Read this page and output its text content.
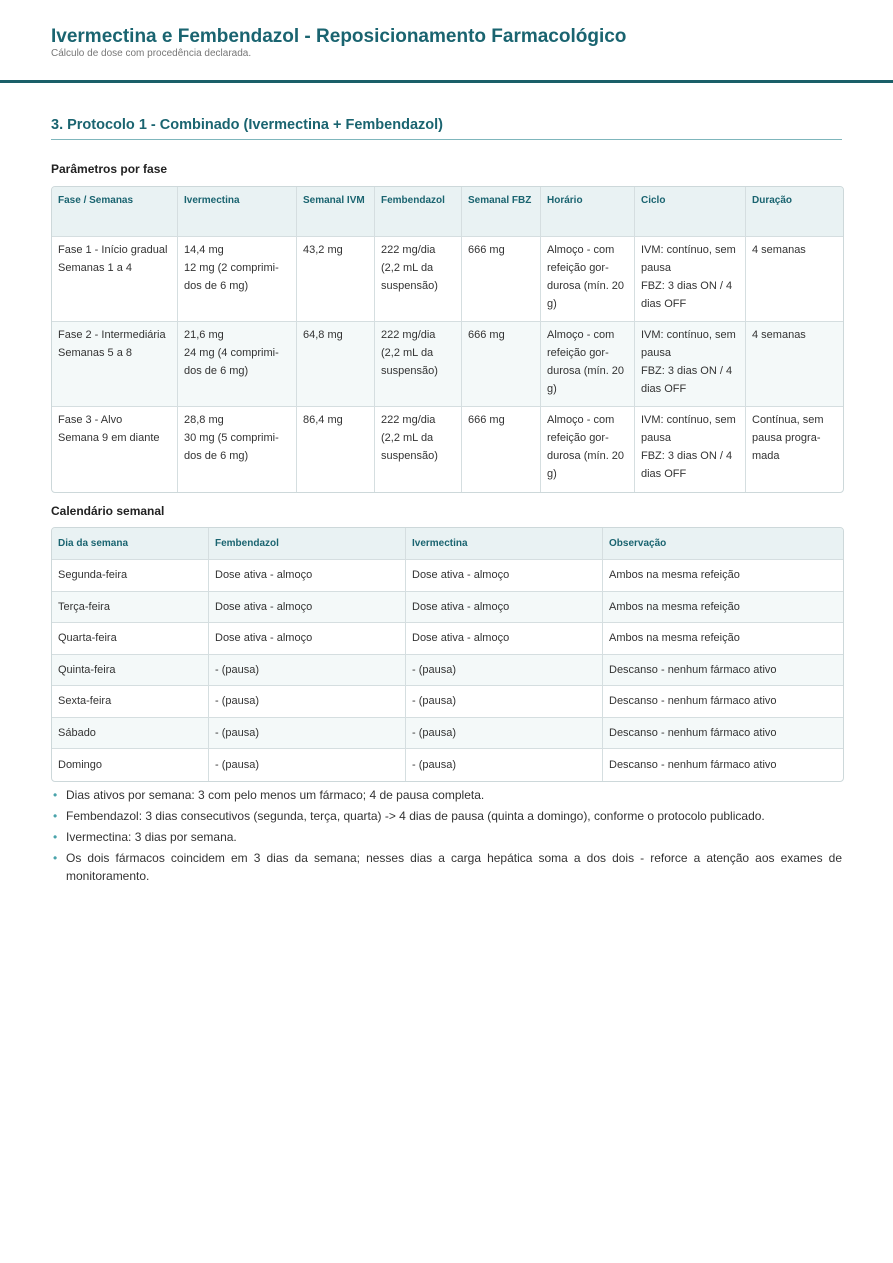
Ivermectina e Fembendazol - Reposicionamento Farmacológico
Cálculo de dose com procedência declarada.
3. Protocolo 1 - Combinado (Ivermectina + Fembendazol)
Parâmetros por fase
Fase / Semanas	Ivermectina	Semanal IVM	Fembendazol	Semanal FBZ	Horário	Ciclo	Duração

Fase 1 - Início gradual
Semanas 1 a 4	14,4 mg
12 mg (2 comprimi-
dos de 6 mg)	43,2 mg	222 mg/dia
(2,2 mL da
suspensão)	666 mg	Almoço - com
refeição gor-
durosa (mín. 20
g)	IVM: contínuo, sem
pausa
FBZ: 3 dias ON / 4
dias OFF	4 semanas

Fase 2 - Intermediária
Semanas 5 a 8	21,6 mg
24 mg (4 comprimi-
dos de 6 mg)	64,8 mg	222 mg/dia
(2,2 mL da
suspensão)	666 mg	Almoço - com
refeição gor-
durosa (mín. 20
g)	IVM: contínuo, sem
pausa
FBZ: 3 dias ON / 4
dias OFF	4 semanas

Fase 3 - Alvo
Semana 9 em diante	28,8 mg
30 mg (5 comprimi-
dos de 6 mg)	86,4 mg	222 mg/dia
(2,2 mL da
suspensão)	666 mg	Almoço - com
refeição gor-
durosa (mín. 20
g)	IVM: contínuo, sem
pausa
FBZ: 3 dias ON / 4
dias OFF	Contínua, sem
pausa progra-
mada
Calendário semanal
Dia da semana	Fembendazol	Ivermectina	Observação
Segunda-feira	Dose ativa - almoço	Dose ativa - almoço	Ambos na mesma refeição
Terça-feira	Dose ativa - almoço	Dose ativa - almoço	Ambos na mesma refeição
Quarta-feira	Dose ativa - almoço	Dose ativa - almoço	Ambos na mesma refeição
Quinta-feira	- (pausa)	- (pausa)	Descanso - nenhum fármaco ativo
Sexta-feira	- (pausa)	- (pausa)	Descanso - nenhum fármaco ativo
Sábado	- (pausa)	- (pausa)	Descanso - nenhum fármaco ativo
Domingo	- (pausa)	- (pausa)	Descanso - nenhum fármaco ativo
• Dias ativos por semana: 3 com pelo menos um fármaco; 4 de pausa completa.
• Fembendazol: 3 dias consecutivos (segunda, terça, quarta) -> 4 dias de pausa (quinta a domingo), conforme o protocolo publicado.
• Ivermectina: 3 dias por semana.
• Os dois fármacos coincidem em 3 dias da semana; nesses dias a carga hepática soma a dos dois - reforce a atenção aos exames de monitoramento.
